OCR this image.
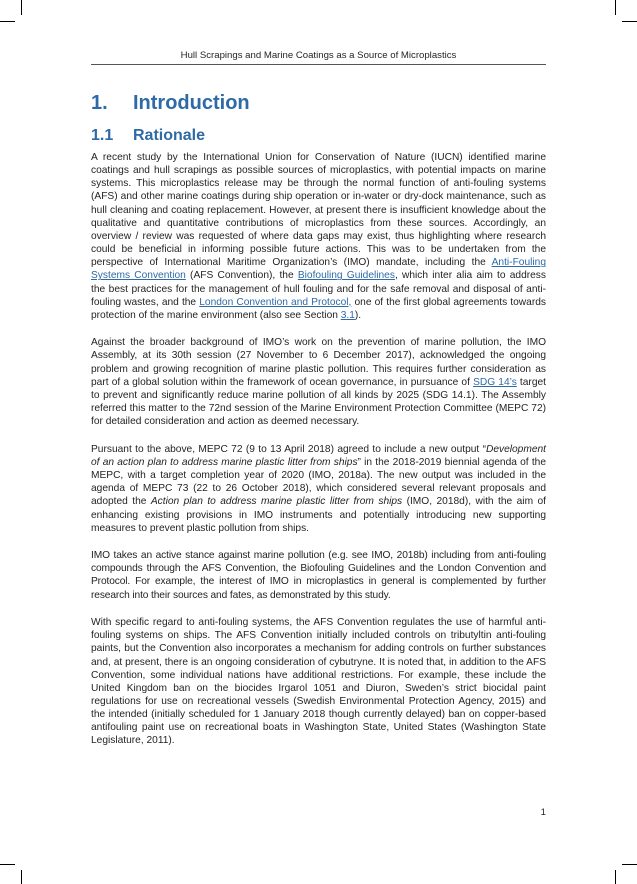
Hull Scrapings and Marine Coatings as a Source of Microplastics
1. Introduction
1.1 Rationale

A recent study by the International Union for Conservation of Nature (IUCN) identified marine coatings and hull scrapings as possible sources of microplastics, with potential impacts on marine systems. This microplastics release may be through the normal function of anti-fouling systems (AFS) and other marine coatings during ship operation or in-water or dry-dock maintenance, such as hull cleaning and coating replacement. However, at present there is insufficient knowledge about the qualitative and quantitative contributions of microplastics from these sources. Accordingly, an overview / review was requested of where data gaps may exist, thus highlighting where research could be beneficial in informing possible future actions. This was to be undertaken from the perspective of International Maritime Organization’s (IMO) mandate, including the Anti-Fouling Systems Convention (AFS Convention), the Biofouling Guidelines, which inter alia aim to address the best practices for the management of hull fouling and for the safe removal and disposal of anti-fouling wastes, and the London Convention and Protocol, one of the first global agreements towards protection of the marine environment (also see Section 3.1).

Against the broader background of IMO’s work on the prevention of marine pollution, the IMO Assembly, at its 30th session (27 November to 6 December 2017), acknowledged the ongoing problem and growing recognition of marine plastic pollution. This requires further consideration as part of a global solution within the framework of ocean governance, in pursuance of SDG 14’s target to prevent and significantly reduce marine pollution of all kinds by 2025 (SDG 14.1). The Assembly referred this matter to the 72nd session of the Marine Environment Protection Committee (MEPC 72) for detailed consideration and action as deemed necessary.

Pursuant to the above, MEPC 72 (9 to 13 April 2018) agreed to include a new output “Development of an action plan to address marine plastic litter from ships” in the 2018-2019 biennial agenda of the MEPC, with a target completion year of 2020 (IMO, 2018a). The new output was included in the agenda of MEPC 73 (22 to 26 October 2018), which considered several relevant proposals and adopted the Action plan to address marine plastic litter from ships (IMO, 2018d), with the aim of enhancing existing provisions in IMO instruments and potentially introducing new supporting measures to prevent plastic pollution from ships.

IMO takes an active stance against marine pollution (e.g. see IMO, 2018b) including from anti-fouling compounds through the AFS Convention, the Biofouling Guidelines and the London Convention and Protocol. For example, the interest of IMO in microplastics in general is complemented by further research into their sources and fates, as demonstrated by this study.

With specific regard to anti-fouling systems, the AFS Convention regulates the use of harmful anti-fouling systems on ships. The AFS Convention initially included controls on tributyltin anti-fouling paints, but the Convention also incorporates a mechanism for adding controls on further substances and, at present, there is an ongoing consideration of cybutryne. It is noted that, in addition to the AFS Convention, some individual nations have additional restrictions. For example, these include the United Kingdom ban on the biocides Irgarol 1051 and Diuron, Sweden’s strict biocidal paint regulations for use on recreational vessels (Swedish Environmental Protection Agency, 2015) and the intended (initially scheduled for 1 January 2018 though currently delayed) ban on copper-based antifouling paint use on recreational boats in Washington State, United States (Washington State Legislature, 2011).

1
